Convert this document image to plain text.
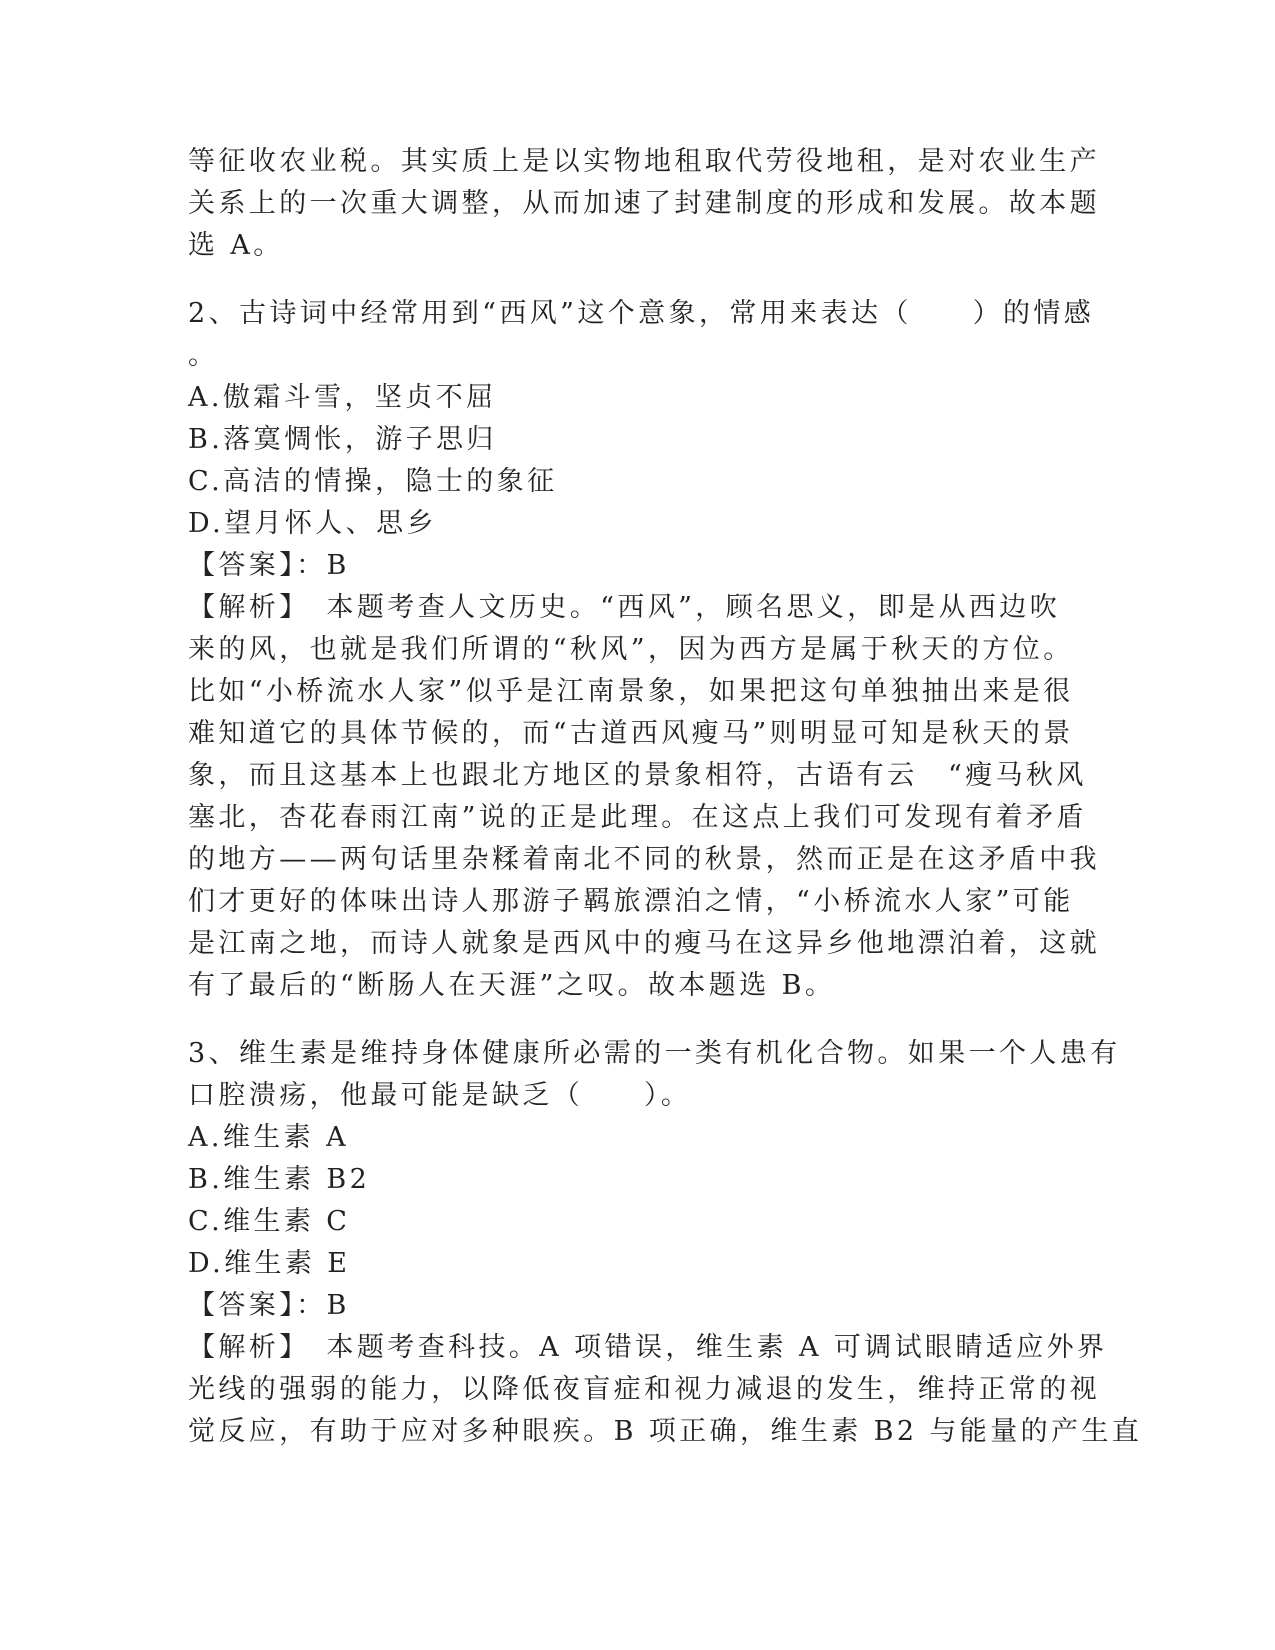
等征收农业税。其实质上是以实物地租取代劳役地租，是对农业生产
关系上的一次重大调整，从而加速了封建制度的形成和发展。故本题
选 A。
2、古诗词中经常用到“西风”这个意象，常用来表达（　　）的情感
。
A.傲霜斗雪，坚贞不屈
B.落寞惆怅，游子思归
C.高洁的情操，隐士的象征
D.望月怀人、思乡
【答案】：B
【解析】　本题考查人文历史。“西风”，顾名思义，即是从西边吹
来的风，也就是我们所谓的“秋风”，因为西方是属于秋天的方位。
比如“小桥流水人家”似乎是江南景象，如果把这句单独抽出来是很
难知道它的具体节候的，而“古道西风瘦马”则明显可知是秋天的景
象，而且这基本上也跟北方地区的景象相符，古语有云　“瘦马秋风
塞北，杏花春雨江南”说的正是此理。在这点上我们可发现有着矛盾
的地方——两句话里杂糅着南北不同的秋景，然而正是在这矛盾中我
们才更好的体味出诗人那游子羁旅漂泊之情，“小桥流水人家”可能
是江南之地，而诗人就象是西风中的瘦马在这异乡他地漂泊着，这就
有了最后的“断肠人在天涯”之叹。故本题选 B。
3、维生素是维持身体健康所必需的一类有机化合物。如果一个人患有
口腔溃疡，他最可能是缺乏（　　）。
A.维生素 A
B.维生素 B2
C.维生素 C
D.维生素 E
【答案】：B
【解析】　本题考查科技。A 项错误，维生素 A 可调试眼睛适应外界
光线的强弱的能力，以降低夜盲症和视力减退的发生，维持正常的视
觉反应，有助于应对多种眼疾。B 项正确，维生素 B2 与能量的产生直
